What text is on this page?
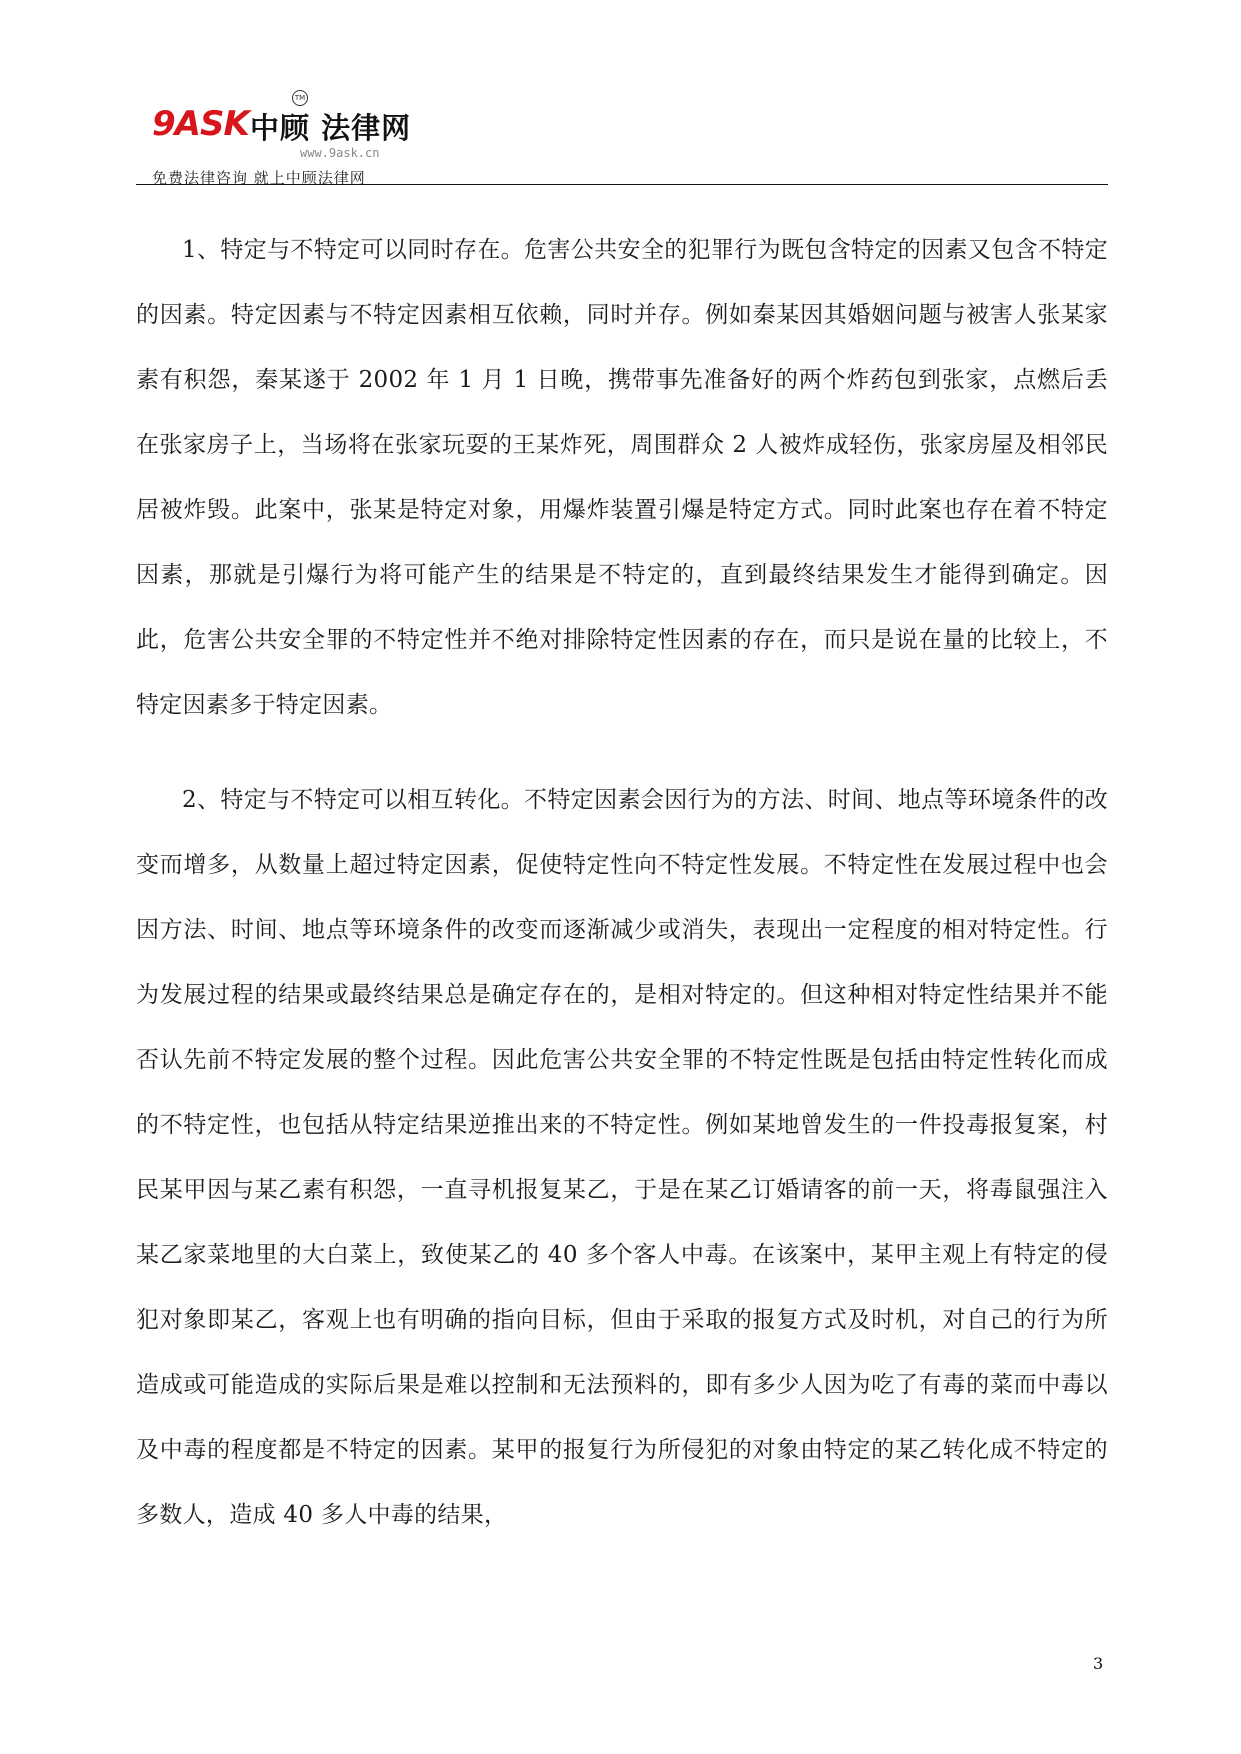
9ASK 中顾 法律网
TM
www.9ask.cn
免费法律咨询 就上中顾法律网

1、特定与不特定可以同时存在。危害公共安全的犯罪行为既包含特定的因素又包含不特定的因素。特定因素与不特定因素相互依赖，同时并存。例如秦某因其婚姻问题与被害人张某家素有积怨，秦某遂于 2002 年 1 月 1 日晚，携带事先准备好的两个炸药包到张家，点燃后丢在张家房子上，当场将在张家玩耍的王某炸死，周围群众 2 人被炸成轻伤，张家房屋及相邻民居被炸毁。此案中，张某是特定对象，用爆炸装置引爆是特定方式。同时此案也存在着不特定因素，那就是引爆行为将可能产生的结果是不特定的，直到最终结果发生才能得到确定。因此，危害公共安全罪的不特定性并不绝对排除特定性因素的存在，而只是说在量的比较上，不特定因素多于特定因素。

2、特定与不特定可以相互转化。不特定因素会因行为的方法、时间、地点等环境条件的改变而增多，从数量上超过特定因素，促使特定性向不特定性发展。不特定性在发展过程中也会因方法、时间、地点等环境条件的改变而逐渐减少或消失，表现出一定程度的相对特定性。行为发展过程的结果或最终结果总是确定存在的，是相对特定的。但这种相对特定性结果并不能否认先前不特定发展的整个过程。因此危害公共安全罪的不特定性既是包括由特定性转化而成的不特定性，也包括从特定结果逆推出来的不特定性。例如某地曾发生的一件投毒报复案，村民某甲因与某乙素有积怨，一直寻机报复某乙，于是在某乙订婚请客的前一天，将毒鼠强注入某乙家菜地里的大白菜上，致使某乙的 40 多个客人中毒。在该案中，某甲主观上有特定的侵犯对象即某乙，客观上也有明确的指向目标，但由于采取的报复方式及时机，对自己的行为所造成或可能造成的实际后果是难以控制和无法预料的，即有多少人因为吃了有毒的菜而中毒以及中毒的程度都是不特定的因素。某甲的报复行为所侵犯的对象由特定的某乙转化成不特定的多数人，造成 40 多人中毒的结果，

3
